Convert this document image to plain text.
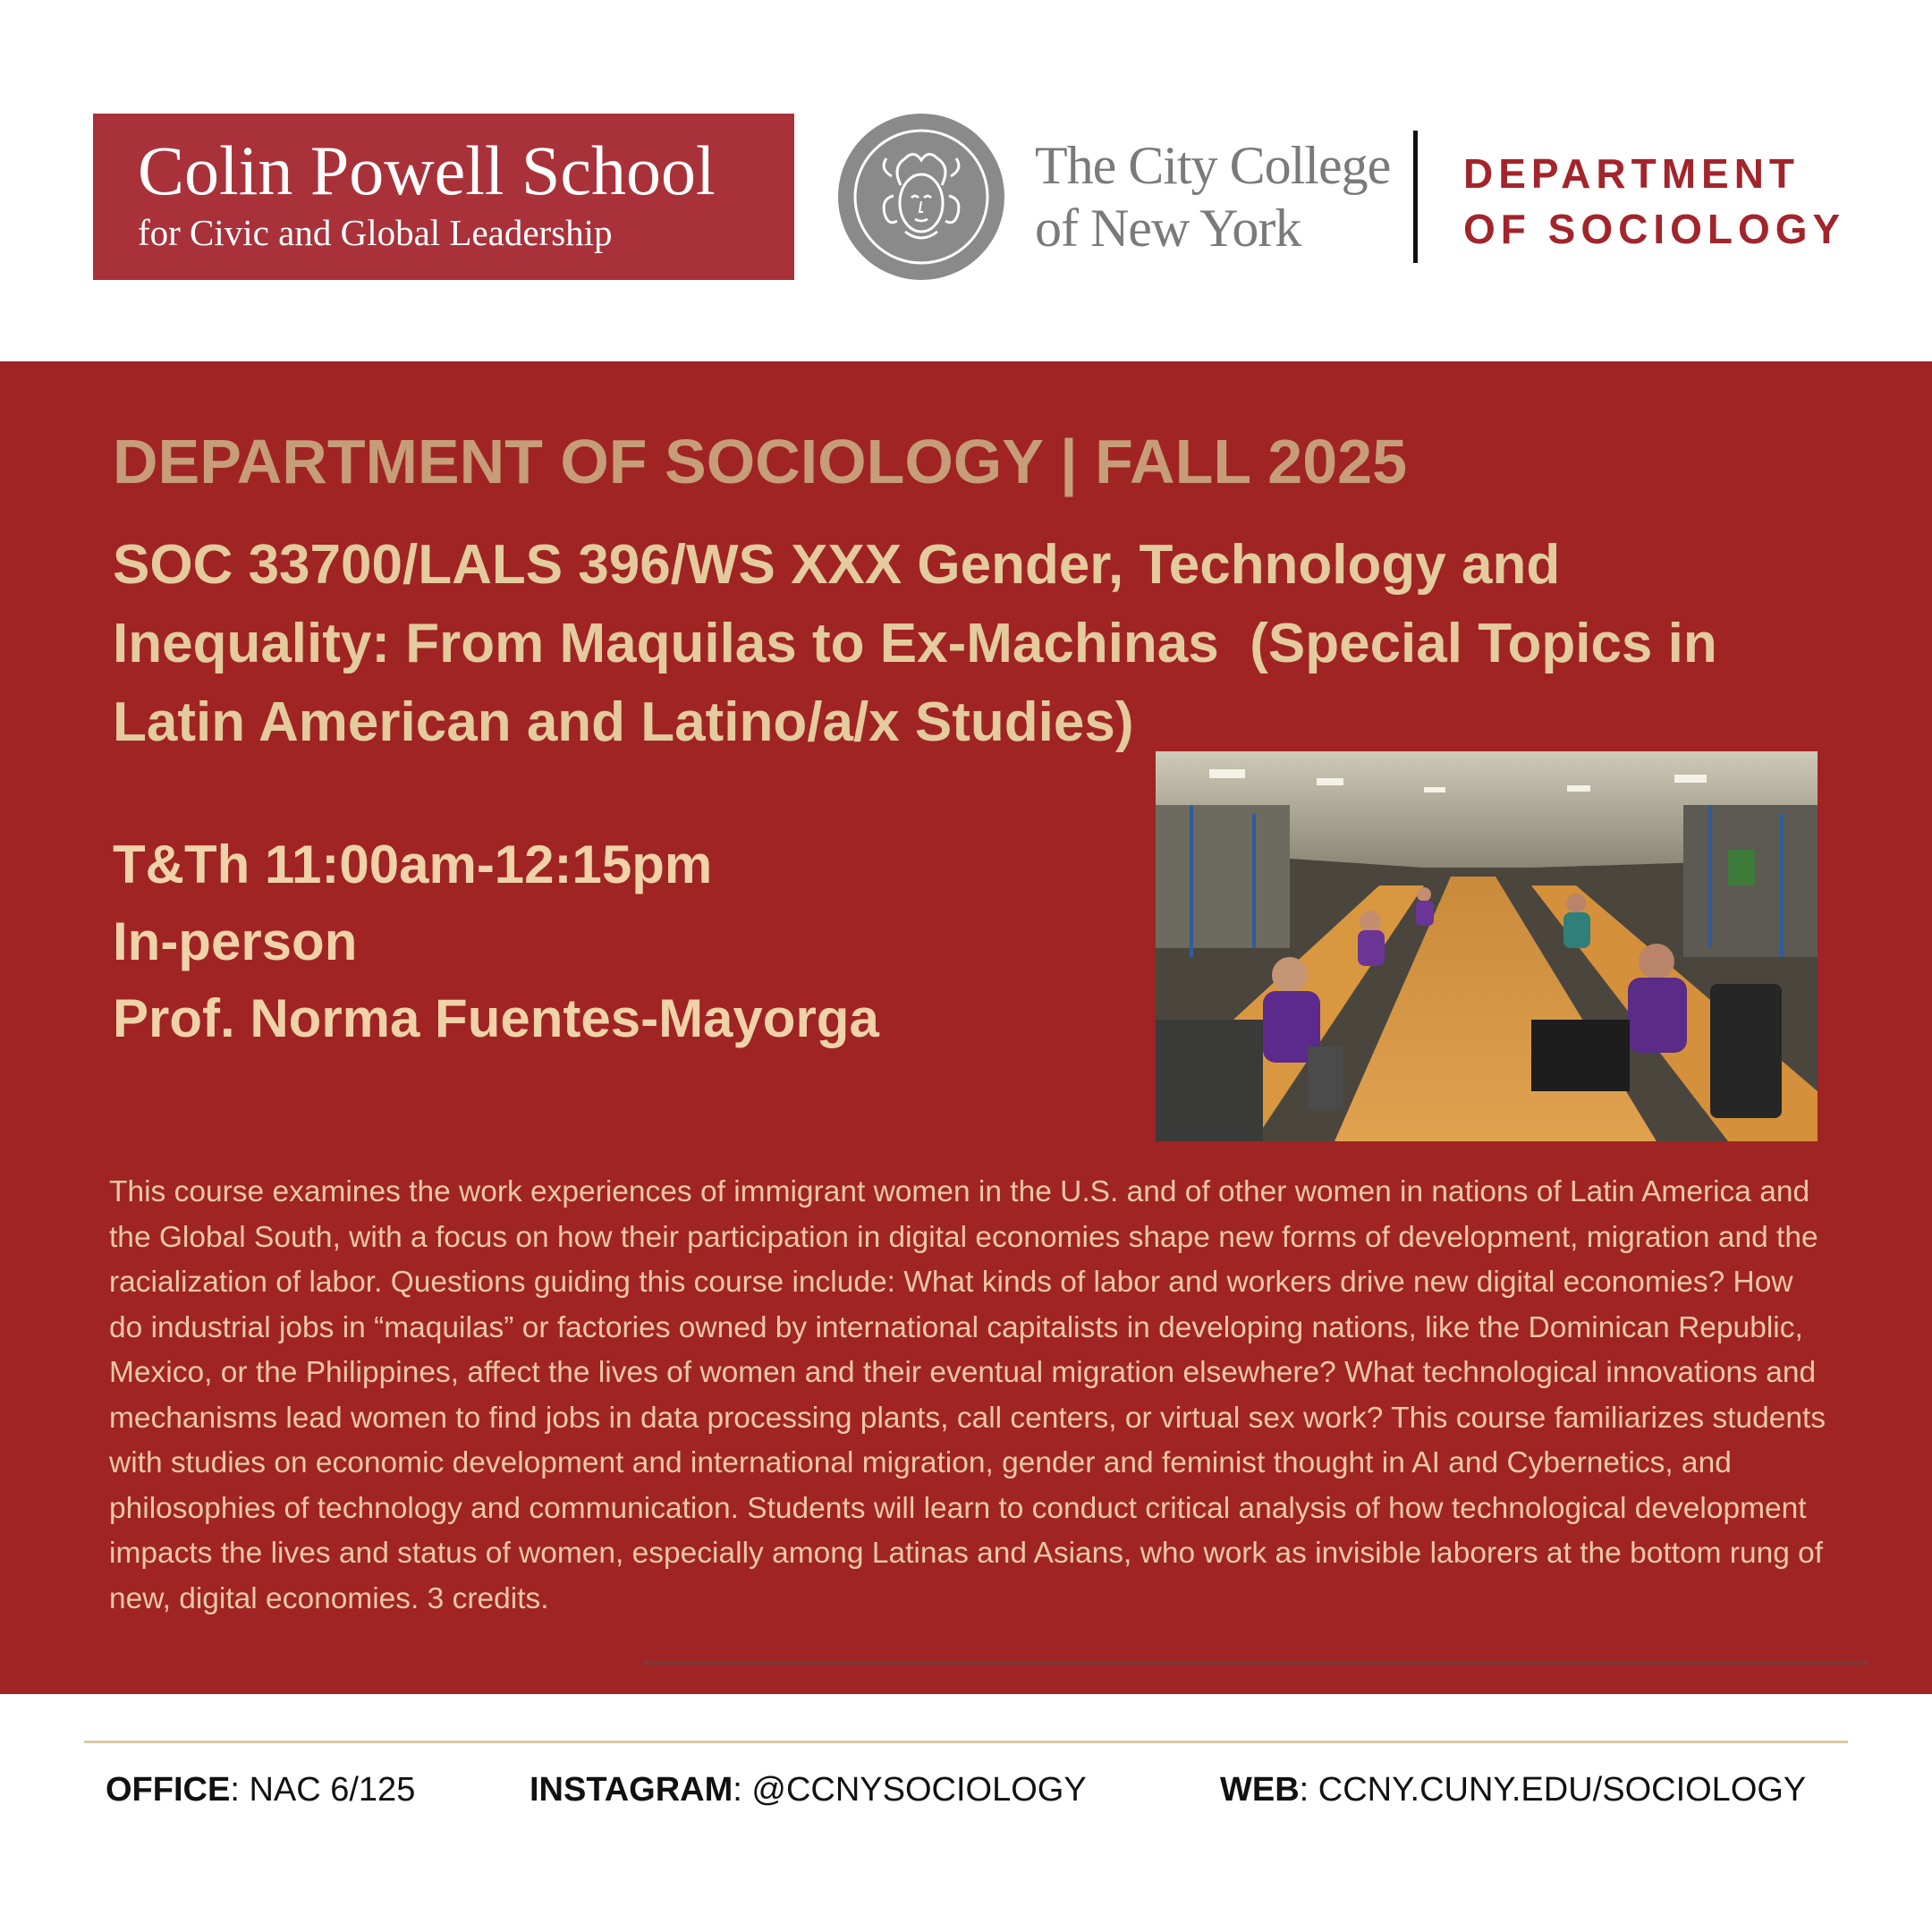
Colin Powell School
for Civic and Global Leadership
The City College
of New York
DEPARTMENT
OF SOCIOLOGY
DEPARTMENT OF SOCIOLOGY | FALL 2025
SOC 33700/LALS 396/WS XXX Gender, Technology and Inequality: From Maquilas to Ex-Machinas (Special Topics in Latin American and Latino/a/x Studies)
T&Th 11:00am-12:15pm
In-person
Prof. Norma Fuentes-Mayorga
This course examines the work experiences of immigrant women in the U.S. and of other women in nations of Latin America and the Global South, with a focus on how their participation in digital economies shape new forms of development, migration and the racialization of labor. Questions guiding this course include: What kinds of labor and workers drive new digital economies? How do industrial jobs in “maquilas” or factories owned by international capitalists in developing nations, like the Dominican Republic, Mexico, or the Philippines, affect the lives of women and their eventual migration elsewhere? What technological innovations and mechanisms lead women to find jobs in data processing plants, call centers, or virtual sex work? This course familiarizes students with studies on economic development and international migration, gender and feminist thought in AI and Cybernetics, and philosophies of technology and communication. Students will learn to conduct critical analysis of how technological development impacts the lives and status of women, especially among Latinas and Asians, who work as invisible laborers at the bottom rung of new, digital economies. 3 credits.
OFFICE: NAC 6/125	INSTAGRAM: @CCNYSOCIOLOGY	WEB: CCNY.CUNY.EDU/SOCIOLOGY
